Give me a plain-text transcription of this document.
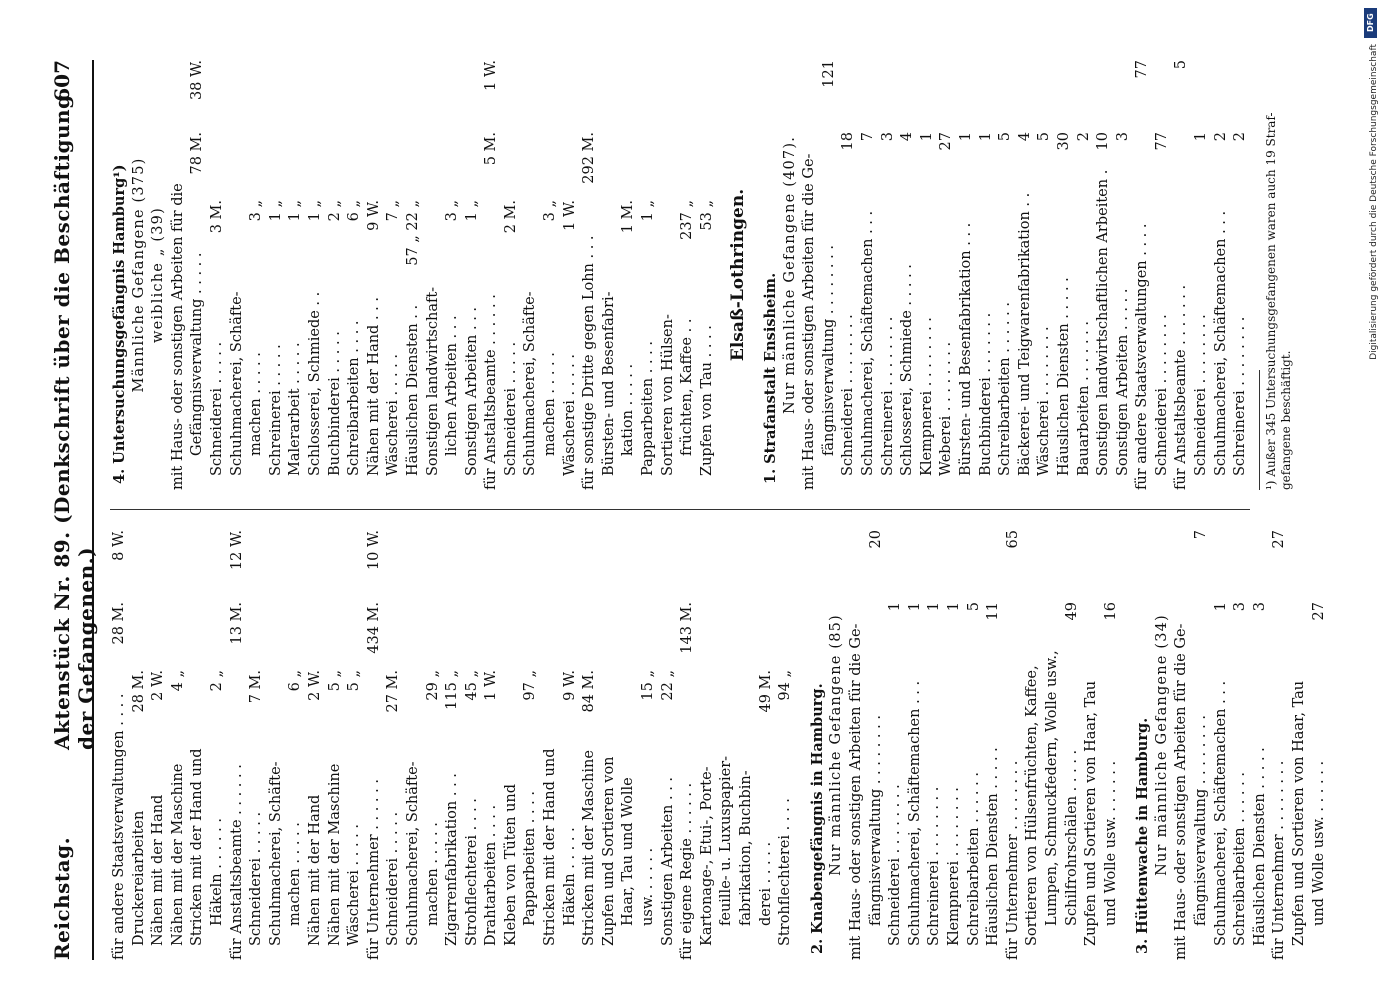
Reichstag.
Aktenstück Nr. 89. (Denkschrift über die Beschäftigung der Gefangenen.)
607
für andere Staatsverwaltungen . . . .
28 M.
8 W.
Druckereiarbeiten
28 M.
Nähen mit der Hand
2 W.
Nähen mit der Maschine
4 „
Stricken mit der Hand und Häkeln . . . . . .
2 „
für Anstaltsbeamte . . . . . .
13 M.
12 W.
Schneiderei . . . . .
7 M.
Schuhmacherei, Schäfte- machen . . . . .
6 „
Nähen mit der Hand
2 W.
Nähen mit der Maschine
5 „
Wäscherei . . . . .
5 „
für Unternehmer . . . . . .
434 M.
10 W.
Schneiderei . . . . .
27 M.
Schuhmacherei, Schäfte- machen . . . . .
29 „
Zigarrenfabrikation . . .
115 „
Strohflechterei . . . .
45 „
Drahtarbeiten . . . .
1 W.
Kleben von Tüten und Papparbeiten . . . .
97 „
Stricken mit der Hand und Häkeln . . . . .
9 W.
Stricken mit der Maschine
84 M.
Zupfen und Sortieren von Haar, Tau und Wolle usw. . . . . .
15 „
Sonstigen Arbeiten . . .
22 „
für eigene Regie . . . . . .
143 M.
Kartonage-, Etui-, Porte- feuille- u. Luxuspapier- fabrikation, Buchbin- derei . . . . .
49 M.
Strohflechterei . . . .
94 „ 2. Knabengefängnis in Hamburg. Nur männliche Gefangene (85) mit Haus- oder sonstigen Arbeiten für die Ge- fängnisverwaltung . . . . . . . .
20
Schneiderei . . . . . . . .
1
Schuhmacherei, Schäftemachen . . .
1
Schreinerei . . . . . . . .
1
Klempnerei . . . . . . . .
1
Schreibarbeiten . . . . . .
5
Häuslichen Diensten . . . . .
11
für Unternehmer . . . . . . . .
65
Sortieren von Hülsenfrüchten, Kaffee, Lumpen, Schmuckfedern, Wolle usw., Schilfrohrschälen . . . . .
49
Zupfen und Sortieren von Haar, Tau und Wolle usw. . . . . . .
16
3. Hüttenwache in Hamburg. Nur männliche Gefangene (34) mit Haus- oder sonstigen Arbeiten für die Ge- fängnisverwaltung . . . . . . . .
7
Schuhmacherei, Schäftemachen . . .
1
Schreibarbeiten . . . . . .
3
Häuslichen Diensten . . . . .
3
für Unternehmer . . . . . . . .
27
Zupfen und Sortieren von Haar, Tau und Wolle usw. . . . . . .
27
4. Untersuchungsgefängnis Hamburg¹) Männliche Gefangene (375) weibliche „ (39) mit Haus- oder sonstigen Arbeiten für die Gefängnisverwaltung . . . . .
78 M.
38 W.
Schneiderei . . . . .
3 M.
Schuhmacherei, Schäfte- machen . . . . .
3 „
Schreinerei . . . . .
1 „
Malerarbeit . . . . .
1 „
Schlosserei, Schmiede . .
1 „
Buchbinderei . . . . .
2 „
Schreibarbeiten . . . .
6 „
Nähen mit der Hand . . .
9 W.
Wäscherei . . . . .
7 „
Häuslichen Diensten . .
57 „ 22 „
Sonstigen landwirtschaft- lichen Arbeiten . . .
3 „
Sonstigen Arbeiten . . .
1 „
für Anstaltsbeamte . . . . . .
5 M.
1 W.
Schneiderei . . . . .
2 M.
Schuhmacherei, Schäfte- machen . . . . .
3 „
Wäscherei . . . . .
1 W.
für sonstige Dritte gegen Lohn . . .
292 M.
Bürsten- und Besenfabri- kation . . . . .
1 M.
Papparbeiten . . . .
1 „
Sortieren von Hülsen- früchten, Kaffee . .
237 „
Zupfen von Tau . . . .
53 „ Elsaß-Lothringen. 1. Strafanstalt Ensisheim. Nur männliche Gefangene (407). mit Haus- oder sonstigen Arbeiten für die Ge- fängnisverwaltung . . . . . . . .
121
Schneiderei . . . . . . . .
18
Schuhmacherei, Schäftemachen . . .
7
Schreinerei . . . . . . . .
3
Schlosserei, Schmiede . . . . .
4
Klempnerei . . . . . . . .
1
Weberei . . . . . . . .
27
Bürsten- und Besenfabrikation . . .
1
Buchbinderei . . . . . . .
1
Schreibarbeiten . . . . . .
5
Bäckerei- und Teigwarenfabrikation . .
4
Wäscherei . . . . . . . .
5
Häuslichen Diensten . . . . .
30
Bauarbeiten . . . . . . .
2
Sonstigen landwirtschaftlichen Arbeiten .
10
Sonstigen Arbeiten . . . . .
3
für andere Staatsverwaltungen . . . .
77
Schneiderei . . . . . . . .
77
für Anstaltsbeamte . . . . . . .
5
Schneiderei . . . . . . . .
1
Schuhmacherei, Schäftemachen . . .
2
Schreinerei . . . . . . . .
2 ¹) Außer 345 Untersuchungsgefangenen waren auch 19 Straf- gefangene beschäftigt.
DFG
Digitalisierung gefördert durch die Deutsche Forschungsgemeinschaft
